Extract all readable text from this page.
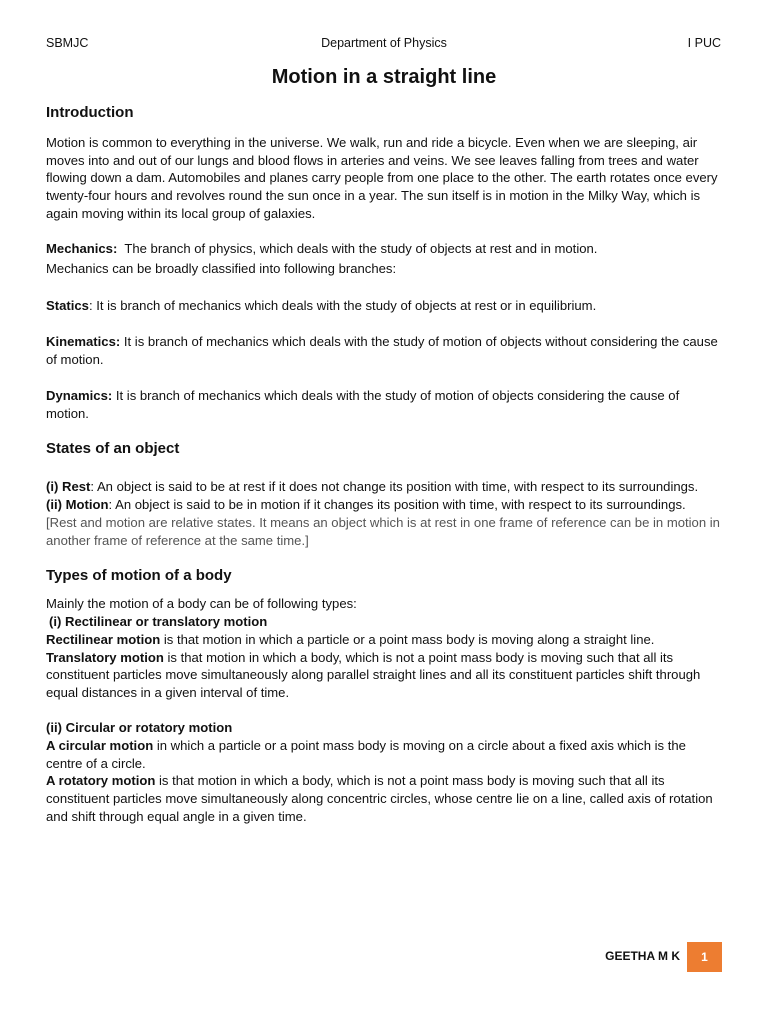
SBMJC	Department of Physics	I PUC
Motion in a straight line

Introduction

Motion is common to everything in the universe. We walk, run and ride a bicycle. Even when we are sleeping, air moves into and out of our lungs and blood flows in arteries and veins. We see leaves falling from trees and water flowing down a dam. Automobiles and planes carry people from one place to the other. The earth rotates once every twenty-four hours and revolves round the sun once in a year. The sun itself is in motion in the Milky Way, which is again moving within its local group of galaxies.

Mechanics: The branch of physics, which deals with the study of objects at rest and in motion.

Mechanics can be broadly classified into following branches:

Statics: It is branch of mechanics which deals with the study of objects at rest or in equilibrium.

Kinematics: It is branch of mechanics which deals with the study of motion of objects without considering the cause of motion.

Dynamics: It is branch of mechanics which deals with the study of motion of objects considering the cause of motion.

States of an object

(i) Rest: An object is said to be at rest if it does not change its position with time, with respect to its surroundings.

(ii) Motion: An object is said to be in motion if it changes its position with time, with respect to its surroundings.

[Rest and motion are relative states. It means an object which is at rest in one frame of reference can be in motion in another frame of reference at the same time.]

Types of motion of a body

Mainly the motion of a body can be of following types:

(i) Rectilinear or translatory motion

Rectilinear motion is that motion in which a particle or a point mass body is moving along a straight line.

Translatory motion is that motion in which a body, which is not a point mass body is moving such that all its constituent particles move simultaneously along parallel straight lines and all its constituent particles shift through equal distances in a given interval of time.

(ii) Circular or rotatory motion

A circular motion in which a particle or a point mass body is moving on a circle about a fixed axis which is the centre of a circle.

A rotatory motion is that motion in which a body, which is not a point mass body is moving such that all its constituent particles move simultaneously along concentric circles, whose centre lie on a line, called axis of rotation and shift through equal angle in a given time.

GEETHA M K	1
